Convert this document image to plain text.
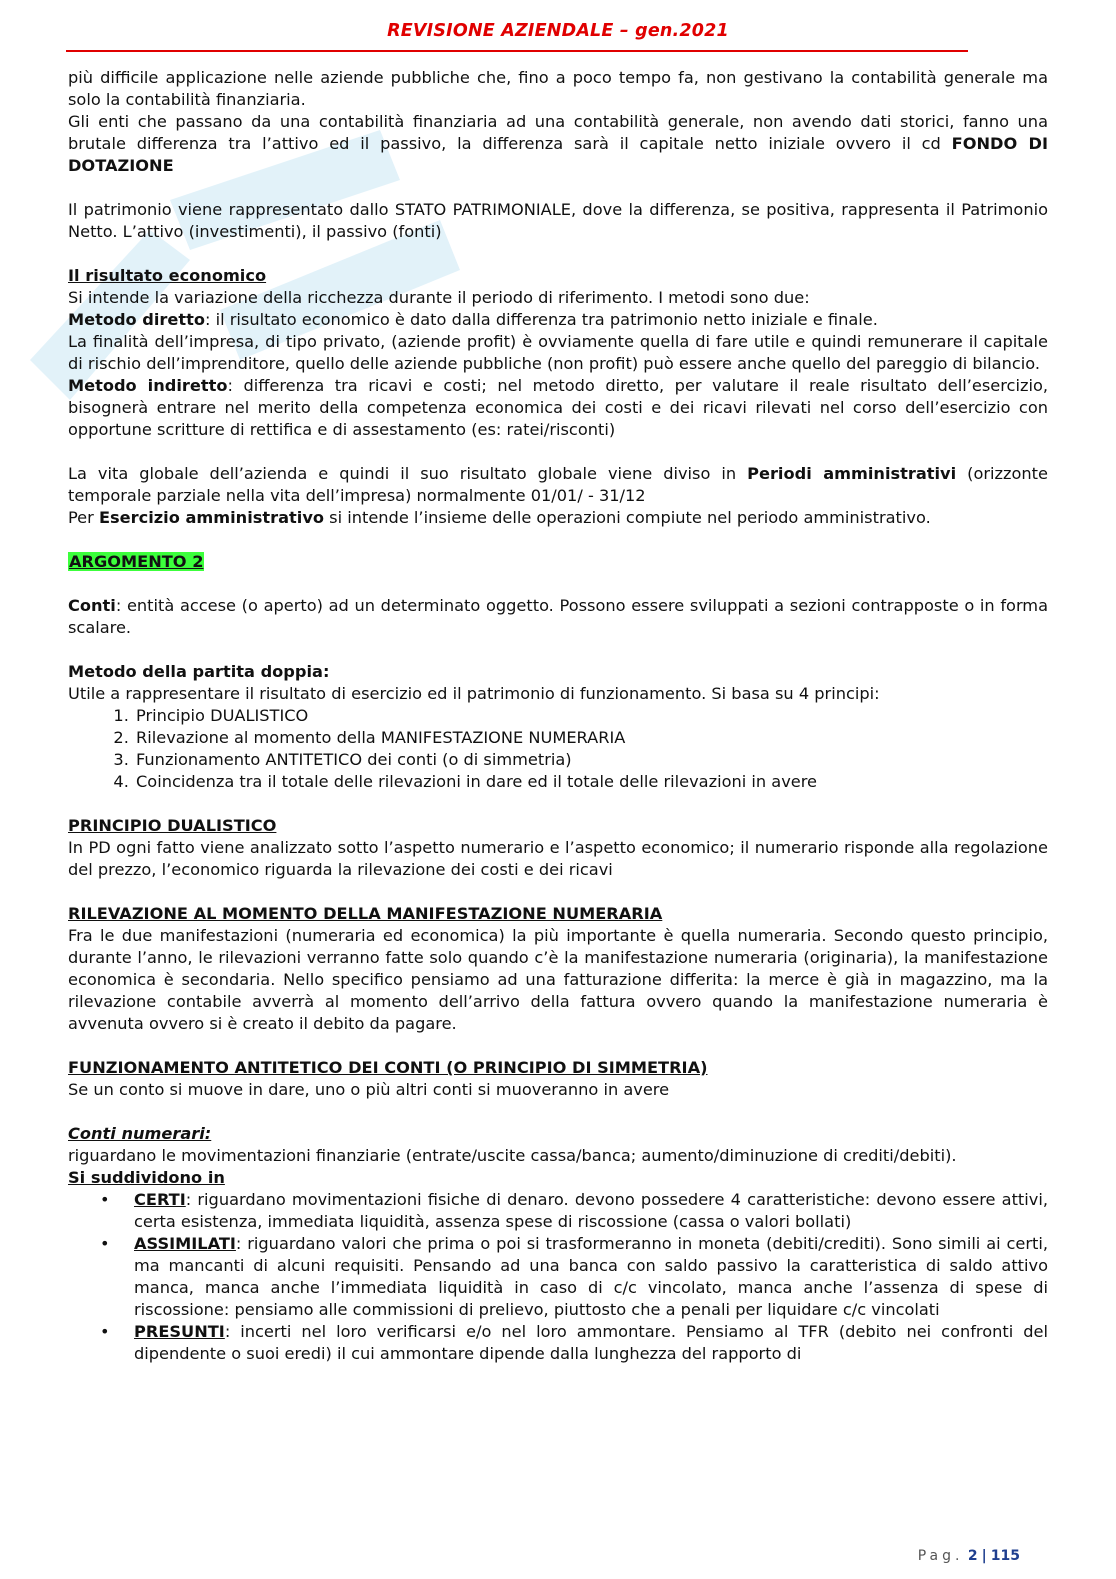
REVISIONE AZIENDALE – gen.2021

più difficile applicazione nelle aziende pubbliche che, fino a poco tempo fa, non gestivano la contabilità generale ma solo la contabilità finanziaria.

Gli enti che passano da una contabilità finanziaria ad una contabilità generale, non avendo dati storici, fanno una brutale differenza tra l’attivo ed il passivo, la differenza sarà il capitale netto iniziale ovvero il cd FONDO DI DOTAZIONE

Il patrimonio viene rappresentato dallo STATO PATRIMONIALE, dove la differenza, se positiva, rappresenta il Patrimonio Netto. L’attivo (investimenti), il passivo (fonti)

Il risultato economico

Si intende la variazione della ricchezza durante il periodo di riferimento. I metodi sono due:

Metodo diretto: il risultato economico è dato dalla differenza tra patrimonio netto iniziale e finale.

La finalità dell’impresa, di tipo privato, (aziende profit) è ovviamente quella di fare utile e quindi remunerare il capitale di rischio dell’imprenditore, quello delle aziende pubbliche (non profit) può essere anche quello del pareggio di bilancio.

Metodo indiretto: differenza tra ricavi e costi; nel metodo diretto, per valutare il reale risultato dell’esercizio, bisognerà entrare nel merito della competenza economica dei costi e dei ricavi rilevati nel corso dell’esercizio con opportune scritture di rettifica e di assestamento (es: ratei/risconti)

La vita globale dell’azienda e quindi il suo risultato globale viene diviso in Periodi amministrativi (orizzonte temporale parziale nella vita dell’impresa) normalmente 01/01/ - 31/12

Per Esercizio amministrativo si intende l’insieme delle operazioni compiute nel periodo amministrativo.

ARGOMENTO 2

Conti: entità accese (o aperto) ad un determinato oggetto. Possono essere sviluppati a sezioni contrapposte o in forma scalare.

Metodo della partita doppia:

Utile a rappresentare il risultato di esercizio ed il patrimonio di funzionamento. Si basa su 4 principi:

1. Principio DUALISTICO
2. Rilevazione al momento della MANIFESTAZIONE NUMERARIA
3. Funzionamento ANTITETICO dei conti (o di simmetria)
4. Coincidenza tra il totale delle rilevazioni in dare ed il totale delle rilevazioni in avere

PRINCIPIO DUALISTICO

In PD ogni fatto viene analizzato sotto l’aspetto numerario e l’aspetto economico; il numerario risponde alla regolazione del prezzo, l’economico riguarda la rilevazione dei costi e dei ricavi

RILEVAZIONE AL MOMENTO DELLA MANIFESTAZIONE NUMERARIA

Fra le due manifestazioni (numeraria ed economica) la più importante è quella numeraria. Secondo questo principio, durante l’anno, le rilevazioni verranno fatte solo quando c’è la manifestazione numeraria (originaria), la manifestazione economica è secondaria. Nello specifico pensiamo ad una fatturazione differita: la merce è già in magazzino, ma la rilevazione contabile avverrà al momento dell’arrivo della fattura ovvero quando la manifestazione numeraria è avvenuta ovvero si è creato il debito da pagare.

FUNZIONAMENTO ANTITETICO DEI CONTI (O PRINCIPIO DI SIMMETRIA)

Se un conto si muove in dare, uno o più altri conti si muoveranno in avere

Conti numerari:

riguardano le movimentazioni finanziarie (entrate/uscite cassa/banca; aumento/diminuzione di crediti/debiti).

Si suddividono in

• CERTI: riguardano movimentazioni fisiche di denaro. devono possedere 4 caratteristiche: devono essere attivi, certa esistenza, immediata liquidità, assenza spese di riscossione (cassa o valori bollati)
• ASSIMILATI: riguardano valori che prima o poi si trasformeranno in moneta (debiti/crediti). Sono simili ai certi, ma mancanti di alcuni requisiti. Pensando ad una banca con saldo passivo la caratteristica di saldo attivo manca, manca anche l’immediata liquidità in caso di c/c vincolato, manca anche l’assenza di spese di riscossione: pensiamo alle commissioni di prelievo, piuttosto che a penali per liquidare c/c vincolati
• PRESUNTI: incerti nel loro verificarsi e/o nel loro ammontare. Pensiamo al TFR (debito nei confronti del dipendente o suoi eredi) il cui ammontare dipende dalla lunghezza del rapporto di
Pag. 2 | 115
